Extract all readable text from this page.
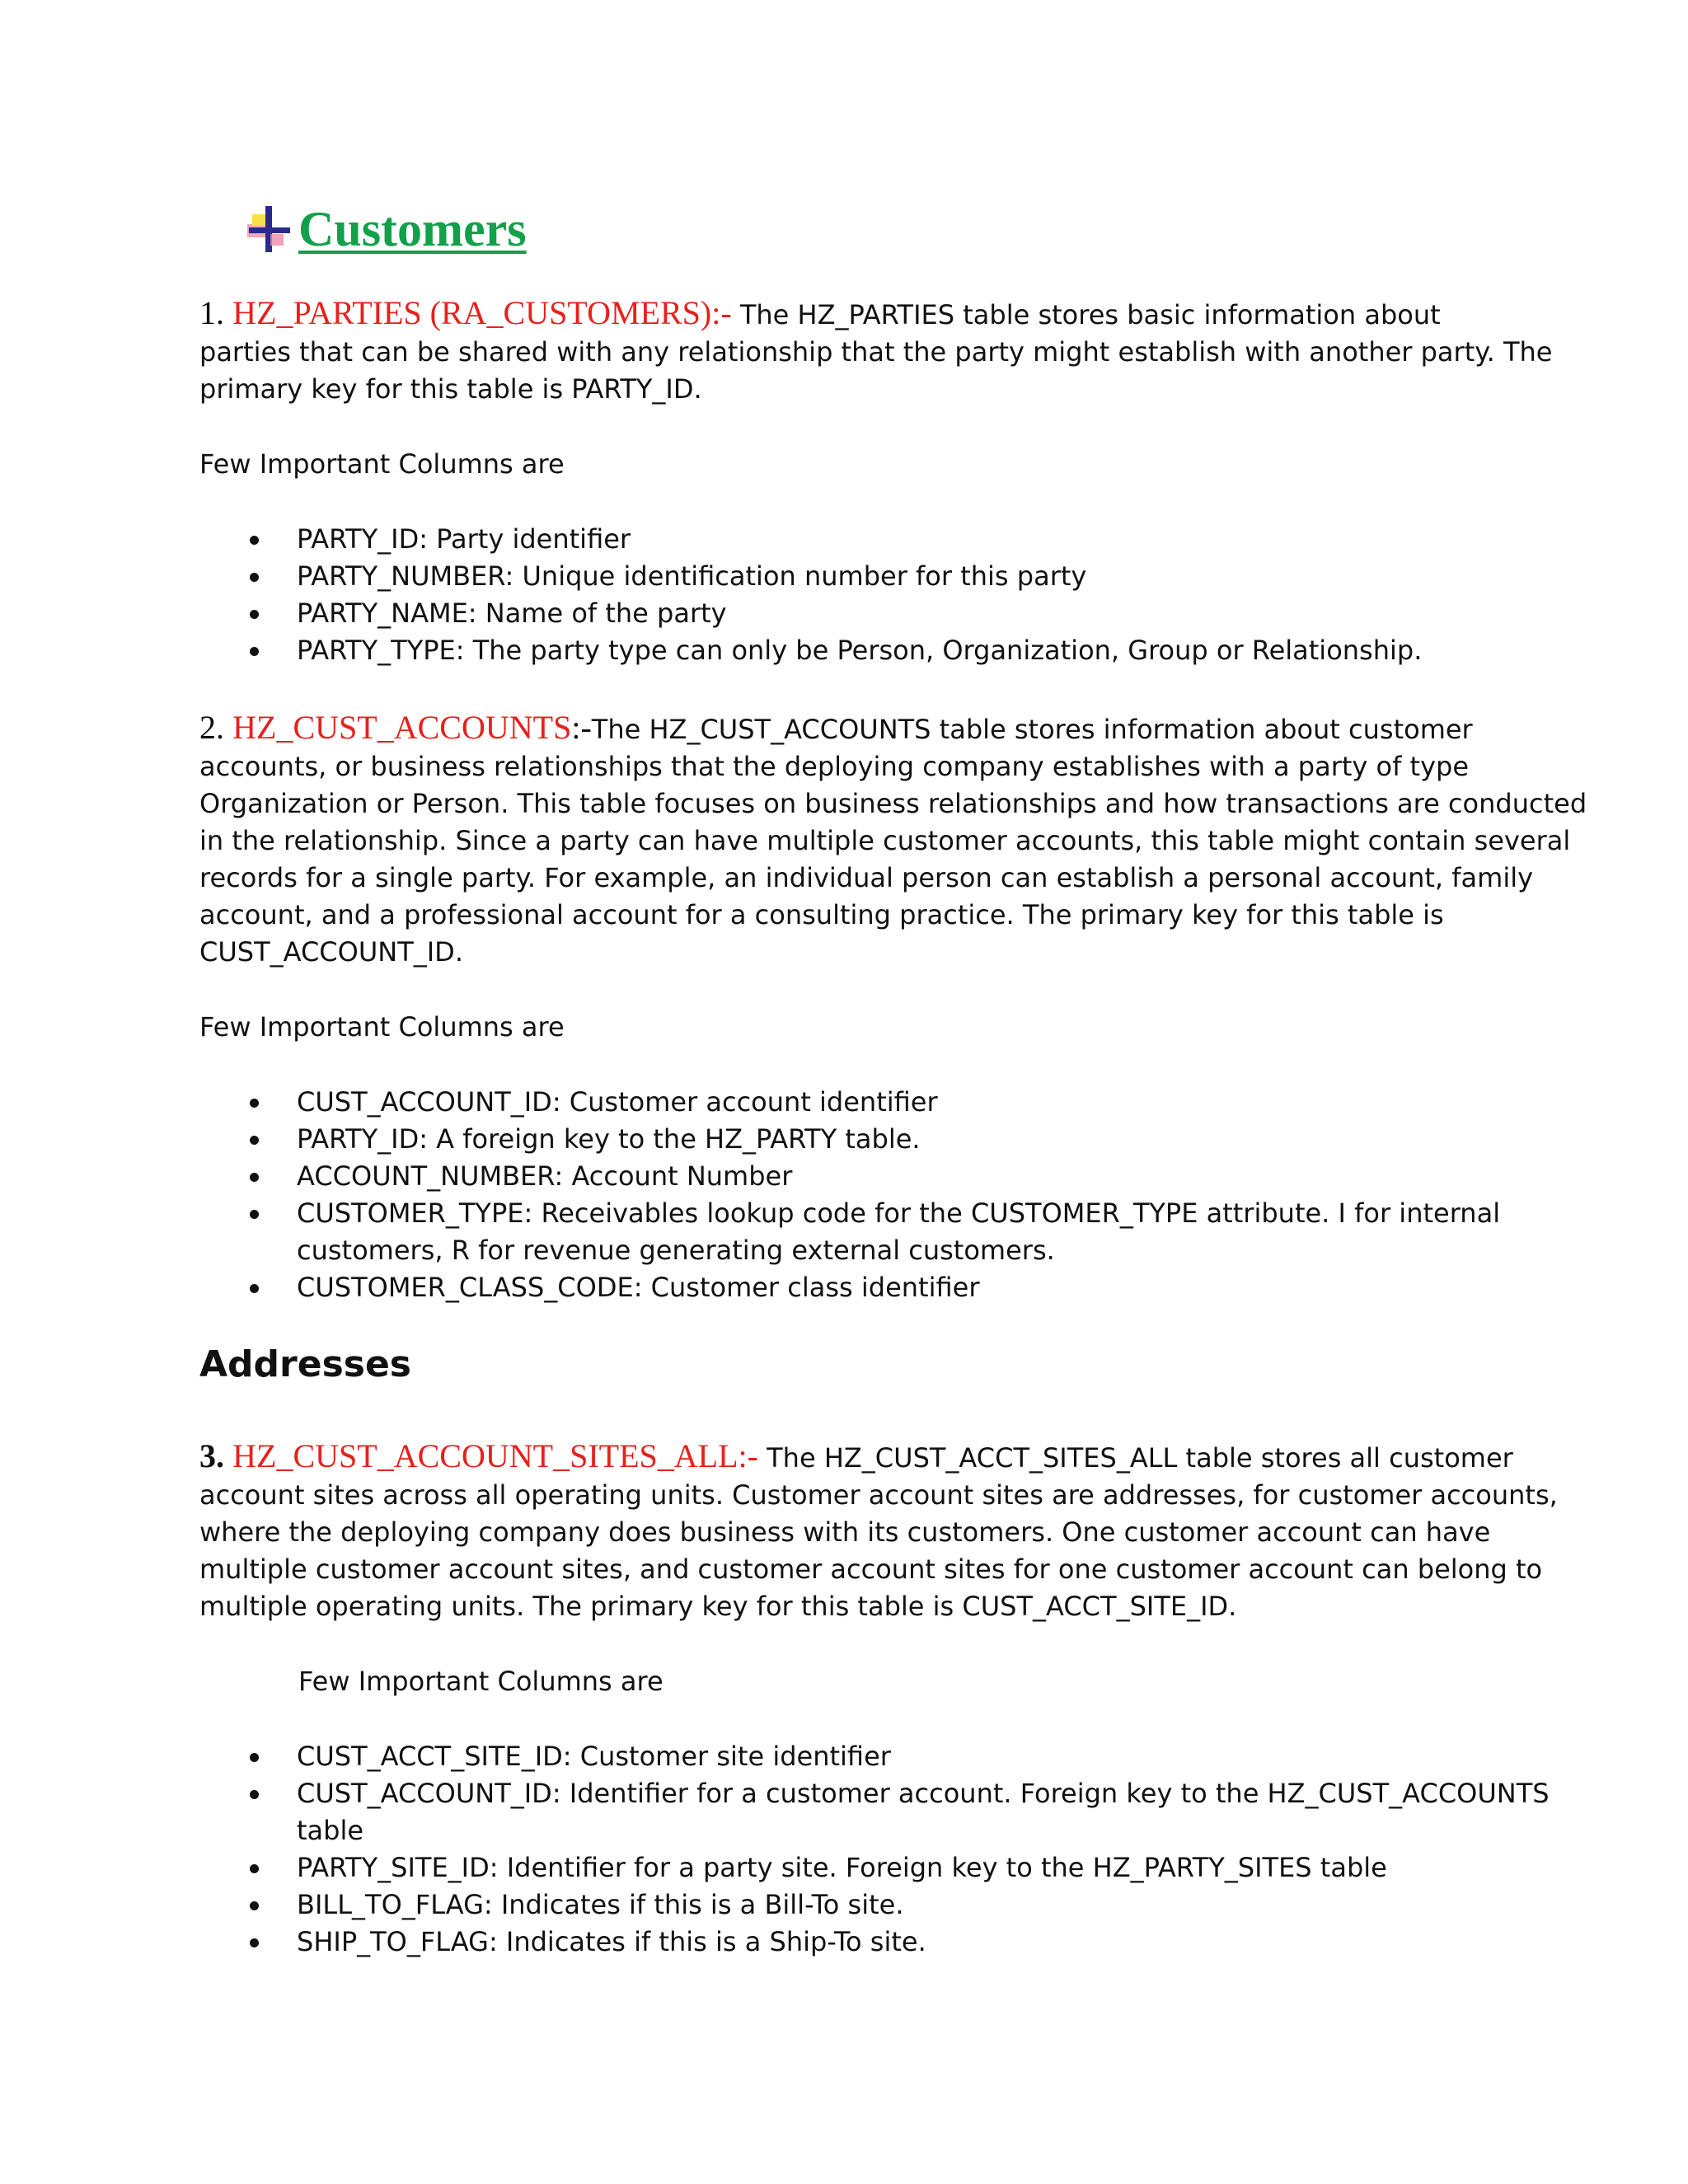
Customers
1. HZ_PARTIES (RA_CUSTOMERS):- The HZ_PARTIES table stores basic information about
parties that can be shared with any relationship that the party might establish with another party. The
primary key for this table is PARTY_ID.
Few Important Columns are
PARTY_ID: Party identifier
PARTY_NUMBER: Unique identification number for this party
PARTY_NAME: Name of the party
PARTY_TYPE: The party type can only be Person, Organization, Group or Relationship.
2. HZ_CUST_ACCOUNTS:-The HZ_CUST_ACCOUNTS table stores information about customer
accounts, or business relationships that the deploying company establishes with a party of type
Organization or Person. This table focuses on business relationships and how transactions are conducted
in the relationship. Since a party can have multiple customer accounts, this table might contain several
records for a single party. For example, an individual person can establish a personal account, family
account, and a professional account for a consulting practice. The primary key for this table is
CUST_ACCOUNT_ID.
Few Important Columns are
CUST_ACCOUNT_ID: Customer account identifier
PARTY_ID: A foreign key to the HZ_PARTY table.
ACCOUNT_NUMBER: Account Number
CUSTOMER_TYPE: Receivables lookup code for the CUSTOMER_TYPE attribute. I for internal
customers, R for revenue generating external customers.
CUSTOMER_CLASS_CODE: Customer class identifier
Addresses
3. HZ_CUST_ACCOUNT_SITES_ALL:- The HZ_CUST_ACCT_SITES_ALL table stores all customer
account sites across all operating units. Customer account sites are addresses, for customer accounts,
where the deploying company does business with its customers. One customer account can have
multiple customer account sites, and customer account sites for one customer account can belong to
multiple operating units. The primary key for this table is CUST_ACCT_SITE_ID.
Few Important Columns are
CUST_ACCT_SITE_ID: Customer site identifier
CUST_ACCOUNT_ID: Identifier for a customer account. Foreign key to the HZ_CUST_ACCOUNTS
table
PARTY_SITE_ID: Identifier for a party site. Foreign key to the HZ_PARTY_SITES table
BILL_TO_FLAG: Indicates if this is a Bill-To site.
SHIP_TO_FLAG: Indicates if this is a Ship-To site.
